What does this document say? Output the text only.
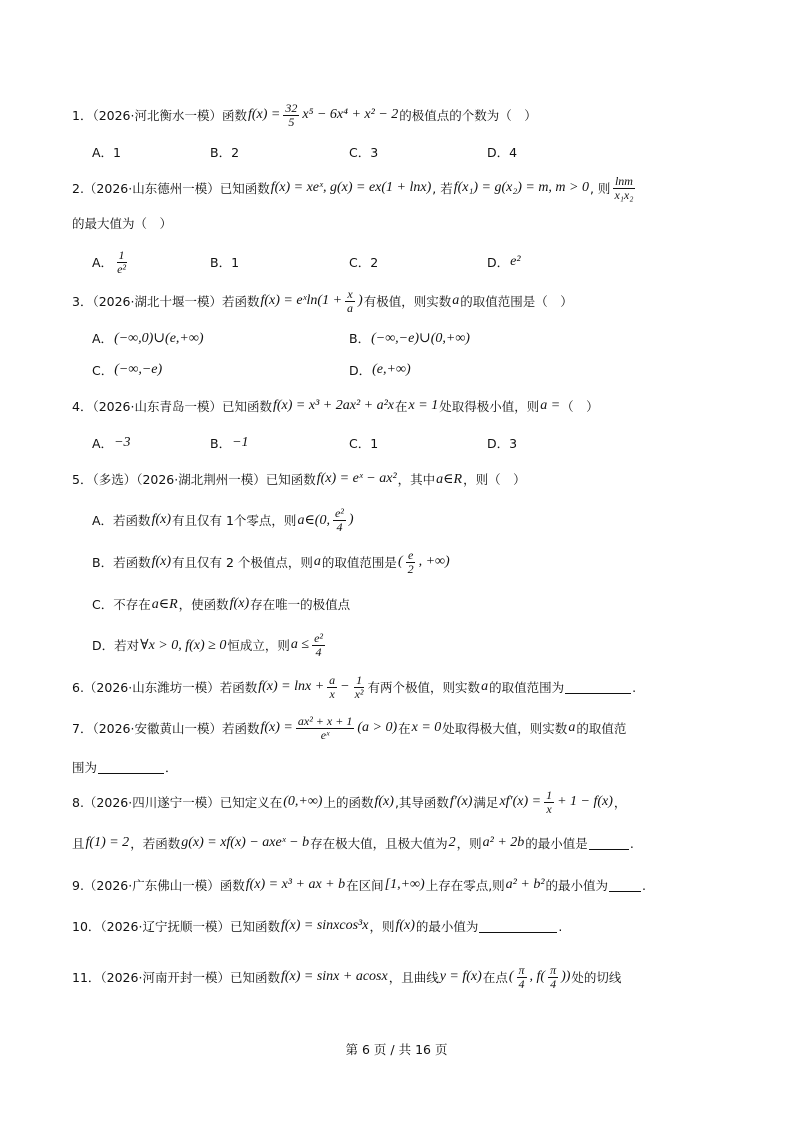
1．（2026·河北衡水一模）函数 $f(x) = \frac{32}{5} x^5 - 6x^4 + x^2 - 2$ 的极值点的个数为（　）
A．1	B．2	C．3	D．4
2.（2026·山东德州一模）已知函数 f(x) = xeˣ, g(x) = ex(1 + lnx) , 若 f(x₁) = g(x₂) = m, m > 0 , 则 $\frac{\ln m}{\text{x₁x₂}}$
的最大值为（　）
A． $\frac{1}{\text{e²}}$	B．1	C．2	D． e²
3．（2026·湖北十堰一模）若函数 f(x) = eˣln(1 + $\frac{x}{a}$ ) 有极值，则实数 a 的取值范围是（　）
A． (−∞,0)∪(e,+∞)	B． (−∞,−e)∪(0,+∞)
C． (−∞,−e)	D． (e,+∞)
4．（2026·山东青岛一模）已知函数 f(x) = x³ + 2ax² + a²x 在 x = 1 处取得极小值，则 a = （　）
A． −3	B． −1	C．1	D．3
5．（多选）（2026·湖北荆州一模）已知函数 f(x) = eˣ − ax² ，其中 a∈R ，则（　）
A．若函数 f(x) 有且仅有 1个零点，则 a∈(0, $\frac{\text{e²}}{4}$ )
B．若函数 f(x) 有且仅有 2 个极值点，则 a 的取值范围是 ( $\frac{e}{2}$ , +∞)
C．不存在 a∈R ，使函数 f(x) 存在唯一的极值点
D．若对 ∀x > 0, f(x) ≥ 0 恒成立，则 $a \le \frac{\text{e²}}{4}$
6.（2026·山东潍坊一模）若函数 $f(x) = \ln x + \frac{a}{x} - \frac{1}{\text{x²}}$ 有两个极值，则实数 a 的取值范围为	.
7．（2026·安徽黄山一模）若函数 $f(x) = \frac{\text{ax² + x + 1}}{\text{eˣ}} (a > 0)$ 在 x = 0 处取得极大值，则实数 a 的取值范
围为	．
8.（2026·四川遂宁一模）已知定义在 (0,+∞) 上的函数 f(x) ,其导函数 f′(x) 满足 $xf'(x) = \frac{1}{x} + 1 - f(x)$ ，
且 f(1) = 2 ，若函数 g(x) = xf(x) − axeˣ − b 存在极大值，且极大值为 2 ，则 a² + 2b 的最小值是	.
9.（2026·广东佛山一模）函数 f(x) = x³ + ax + b 在区间 [1,+∞) 上存在零点,则 a² + b² 的最小值为	.
10．（2026·辽宁抚顺一模）已知函数 f(x) = sinxcos³x ，则 f(x) 的最小值为	.
11．（2026·河南开封一模）已知函数 f(x) = sinx + acosx ，且曲线 y = f(x) 在点 ( $\frac{\pi}{4}$ , $f( \frac{\pi}{4}$ )) 处的切线
第 6 页 / 共 16 页
